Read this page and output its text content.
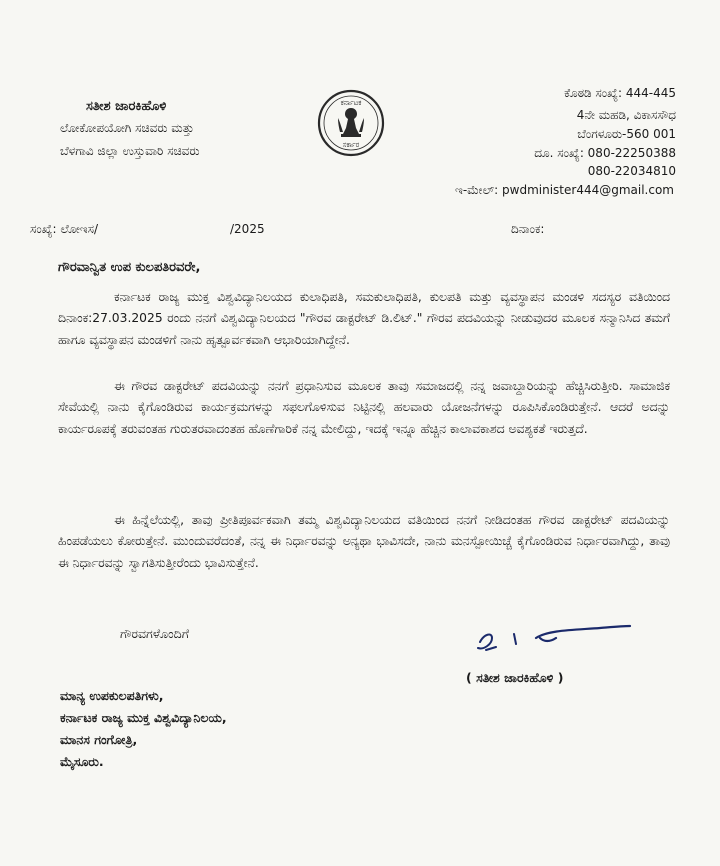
ಸತೀಶ ಜಾರಕಿಹೊಳಿ
ಲೋಕೋಪಯೋಗಿ ಸಚಿವರು ಮತ್ತು
ಬೆಳಗಾವಿ ಜಿಲ್ಲಾ ಉಸ್ತುವಾರಿ ಸಚಿವರು
ಕರ್ನಾಟಕ
ಸರ್ಕಾರ
ಕೊಠಡಿ ಸಂಖ್ಯೆ: 444-445
4ನೇ ಮಹಡಿ, ವಿಕಾಸಸೌಧ
ಬೆಂಗಳೂರು-560 001
ದೂ. ಸಂಖ್ಯೆ: 080-22250388
080-22034810
ಇ-ಮೇಲ್: pwdminister444@gmail.com
ಸಂಖ್ಯೆ: ಲೋಇಸ/	/2025	ದಿನಾಂಕ:
ಗೌರವಾನ್ವಿತ ಉಪ ಕುಲಪತಿರವರೇ,
ಕರ್ನಾಟಕ ರಾಜ್ಯ ಮುಕ್ತ ವಿಶ್ವವಿದ್ಯಾನಿಲಯದ ಕುಲಾಧಿಪತಿ, ಸಮಕುಲಾಧಿಪತಿ, ಕುಲಪತಿ ಮತ್ತು ವ್ಯವಸ್ಥಾಪನ ಮಂಡಳಿ ಸದಸ್ಯರ ವತಿಯಿಂದ ದಿನಾಂಕ:27.03.2025 ರಂದು ನನಗೆ ವಿಶ್ವವಿದ್ಯಾನಿಲಯದ "ಗೌರವ ಡಾಕ್ಟರೇಟ್ ಡಿ.ಲಿಟ್." ಗೌರವ ಪದವಿಯನ್ನು ನೀಡುವುದರ ಮೂಲಕ ಸನ್ಮಾನಿಸಿದ ತಮಗೆ ಹಾಗೂ ವ್ಯವಸ್ಥಾಪನ ಮಂಡಳಿಗೆ ನಾನು ಹೃತ್ಪೂರ್ವಕವಾಗಿ ಆಭಾರಿಯಾಗಿದ್ದೇನೆ.
ಈ ಗೌರವ ಡಾಕ್ಟರೇಟ್ ಪದವಿಯನ್ನು ನನಗೆ ಪ್ರಧಾನಿಸುವ ಮೂಲಕ ತಾವು ಸಮಾಜದಲ್ಲಿ ನನ್ನ ಜವಾಬ್ದಾರಿಯನ್ನು ಹೆಚ್ಚಿಸಿರುತ್ತೀರಿ. ಸಾಮಾಜಿಕ ಸೇವೆಯಲ್ಲಿ ನಾನು ಕೈಗೊಂಡಿರುವ ಕಾರ್ಯಕ್ರಮಗಳನ್ನು ಸಫಲಗೊಳಿಸುವ ನಿಟ್ಟಿನಲ್ಲಿ ಹಲವಾರು ಯೋಜನೆಗಳನ್ನು ರೂಪಿಸಿಕೊಂಡಿರುತ್ತೇನೆ. ಆದರೆ ಅದನ್ನು ಕಾರ್ಯರೂಪಕ್ಕೆ ತರುವಂತಹ ಗುರುತರವಾದಂತಹ ಹೊಣೆಗಾರಿಕೆ ನನ್ನ ಮೇಲಿದ್ದು, ಇದಕ್ಕೆ ಇನ್ನೂ ಹೆಚ್ಚಿನ ಕಾಲಾವಕಾಶದ ಅವಶ್ಯಕತೆ ಇರುತ್ತದೆ.
ಈ ಹಿನ್ನೆಲೆಯಲ್ಲಿ, ತಾವು ಪ್ರೀತಿಪೂರ್ವಕವಾಗಿ ತಮ್ಮ ವಿಶ್ವವಿದ್ಯಾನಿಲಯದ ವತಿಯಿಂದ ನನಗೆ ನೀಡಿದಂತಹ ಗೌರವ ಡಾಕ್ಟರೇಟ್ ಪದವಿಯನ್ನು ಹಿಂಪಡೆಯಲು ಕೋರುತ್ತೇನೆ. ಮುಂದುವರೆದಂತೆ, ನನ್ನ ಈ ನಿರ್ಧಾರವನ್ನು ಅನ್ಯಥಾ ಭಾವಿಸದೇ, ನಾನು ಮನಸ್ಪೋಯಿಚ್ಚೆ ಕೈಗೊಂಡಿರುವ ನಿರ್ಧಾರವಾಗಿದ್ದು, ತಾವು ಈ ನಿರ್ಧಾರವನ್ನು ಸ್ವಾಗತಿಸುತ್ತೀರೆಂದು ಭಾವಿಸುತ್ತೇನೆ.
ಗೌರವಗಳೊಂದಿಗೆ
( ಸತೀಶ ಜಾರಕಿಹೊಳಿ )
ಮಾನ್ಯ ಉಪಕುಲಪತಿಗಳು,
ಕರ್ನಾಟಕ ರಾಜ್ಯ ಮುಕ್ತ ವಿಶ್ವವಿದ್ಯಾನಿಲಯ,
ಮಾನಸ ಗಂಗೋತ್ರಿ,
ಮೈಸೂರು.
